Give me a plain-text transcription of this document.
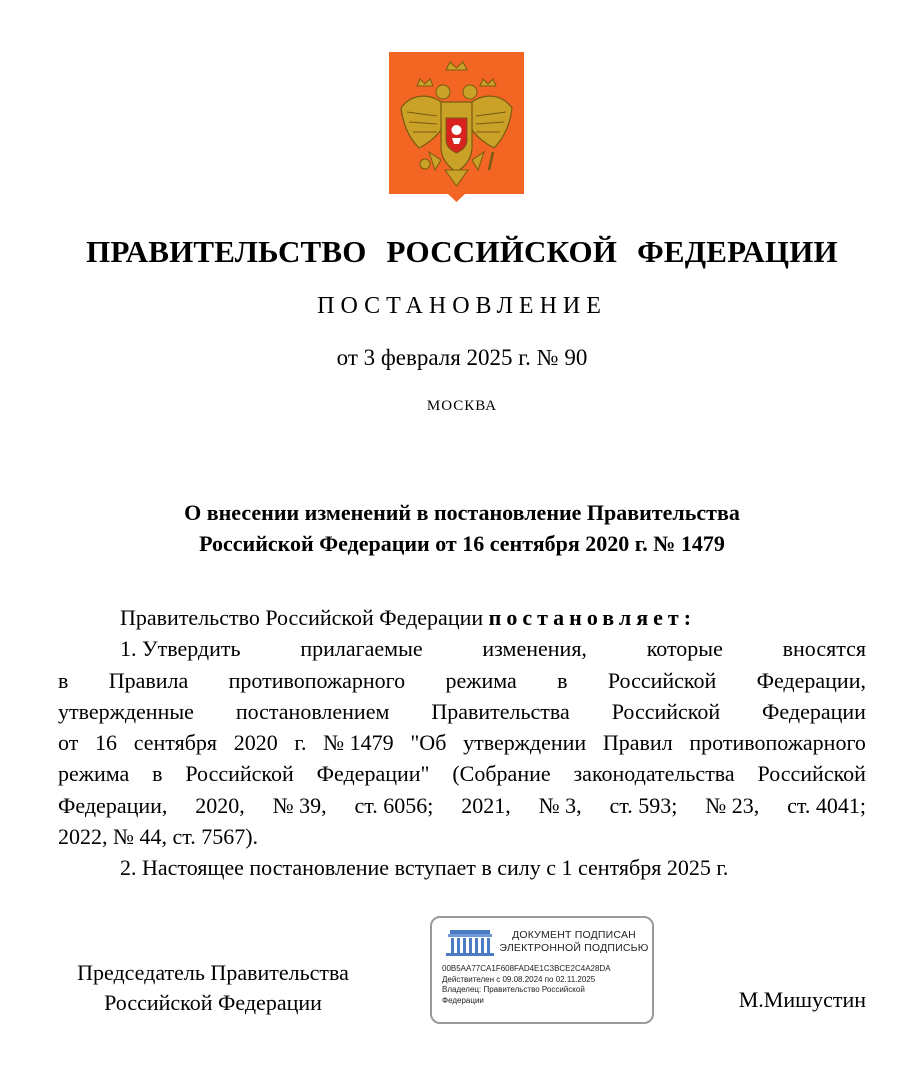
ПРАВИТЕЛЬСТВО РОССИЙСКОЙ ФЕДЕРАЦИИ
ПОСТАНОВЛЕНИЕ
от 3 февраля 2025 г. № 90
МОСКВА
О внесении изменений в постановление Правительства
Российской Федерации от 16 сентября 2020 г. № 1479
Правительство Российской Федерации постановляет:
1. Утвердить	прилагаемые	изменения,	которые	вносятся
в Правила противопожарного режима в Российской Федерации,
утвержденные постановлением Правительства Российской Федерации
от 16 сентября 2020 г. № 1479 "Об утверждении Правил противопожарного
режима в Российской Федерации" (Собрание законодательства Российской
Федерации, 2020, № 39, ст. 6056; 2021, № 3, ст. 593; № 23, ст. 4041;
2022, № 44, ст. 7567).
2. Настоящее постановление вступает в силу с 1 сентября 2025 г.
Председатель Правительства
Российской Федерации
ДОКУМЕНТ ПОДПИСАН
ЭЛЕКТРОННОЙ ПОДПИСЬЮ
00B5AA77CA1F608FAD4E1C3BCE2C4A28DA
Действителен с 09.08.2024 по 02.11.2025
Владелец: Правительство Российской
Федерации	М.Мишустин
